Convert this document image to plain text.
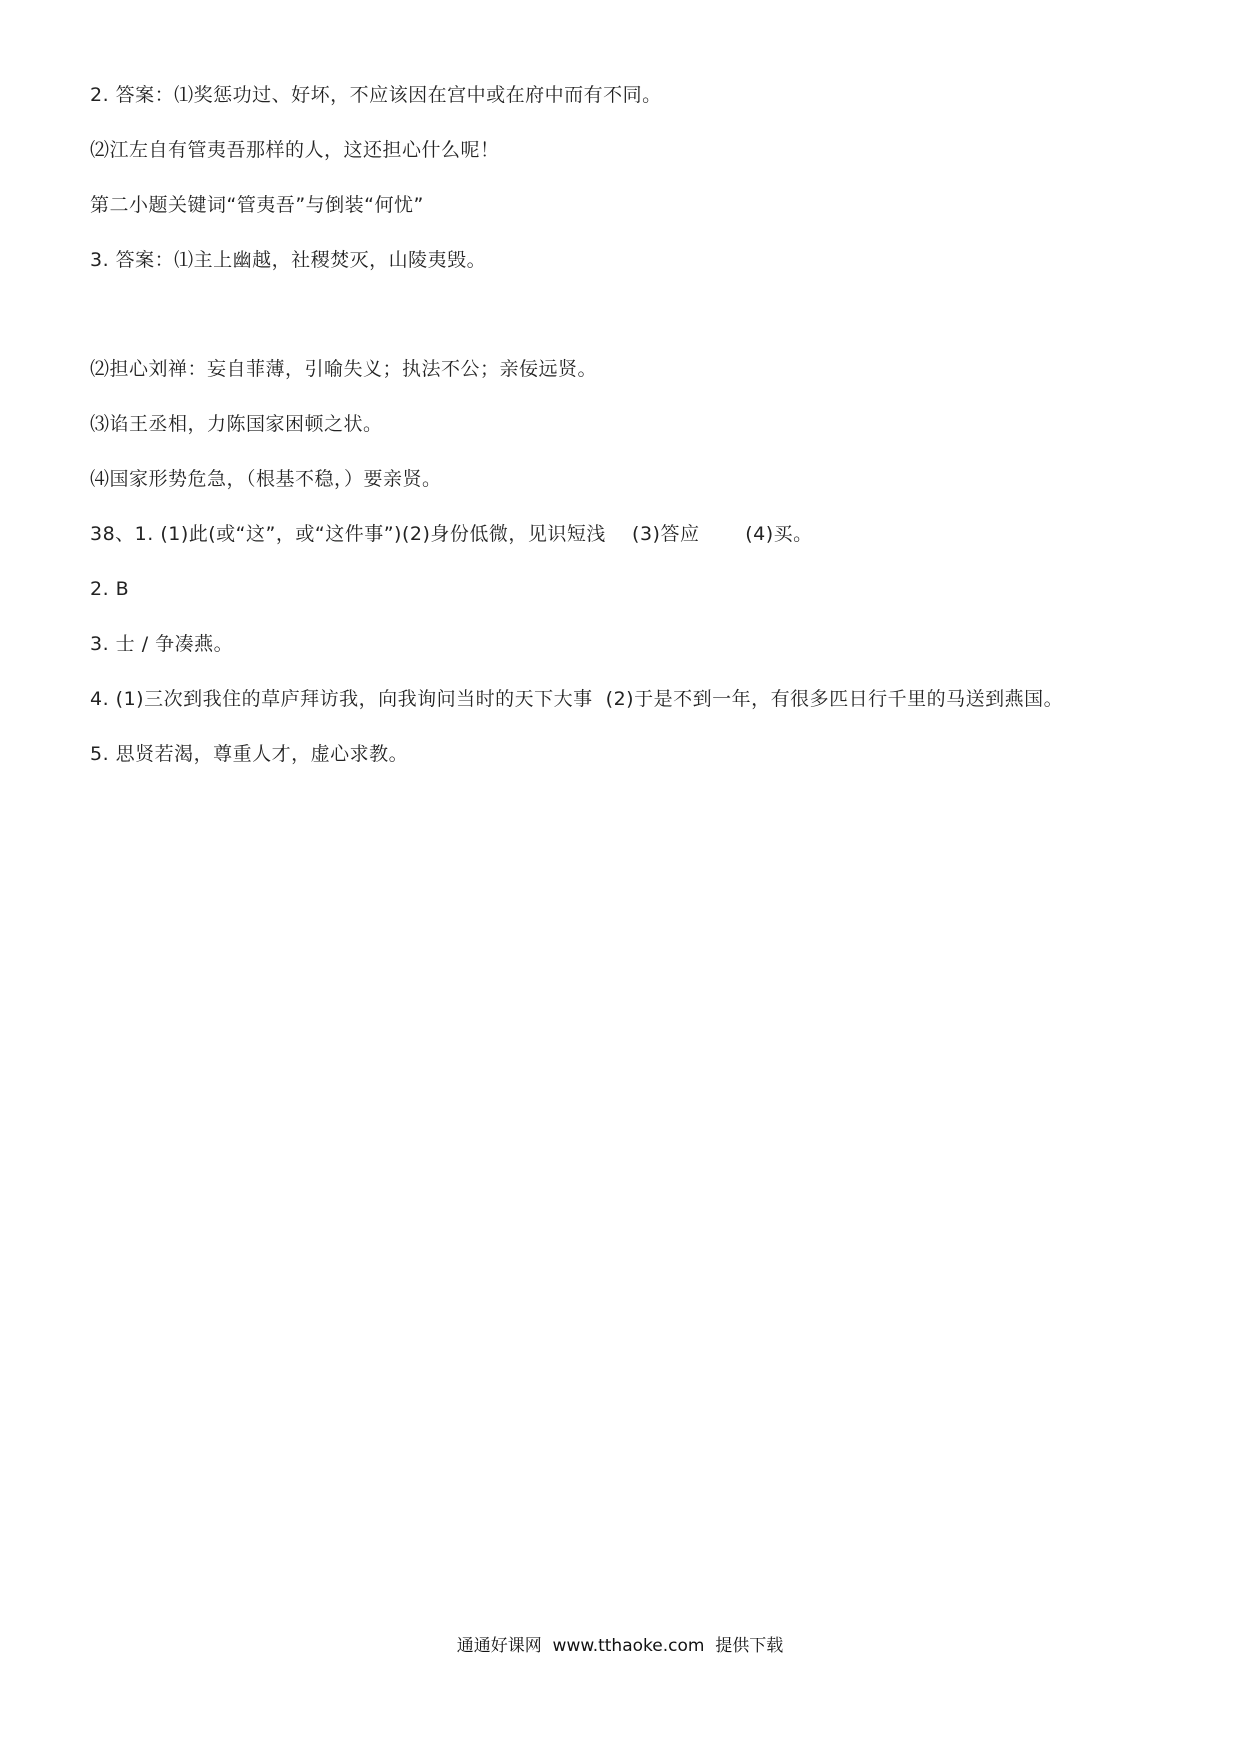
2. 答案：⑴奖惩功过、好坏，不应该因在宫中或在府中而有不同。
⑵江左自有管夷吾那样的人，这还担心什么呢！
第二小题关键词“管夷吾”与倒装“何忧”
3. 答案：⑴主上幽越，社稷焚灭，山陵夷毁。
⑵担心刘禅：妄自菲薄，引喻失义；执法不公；亲佞远贤。
⑶谄王丞相，力陈国家困顿之状。
⑷国家形势危急，（根基不稳，）要亲贤。
38、1. (1)此(或“这”，或“这件事”)(2)身份低微，见识短浅    (3)答应       (4)买。
2. B
3. 士 / 争凑燕。
4. (1)三次到我住的草庐拜访我，向我询问当时的天下大事  (2)于是不到一年，有很多匹日行千里的马送到燕国。
5. 思贤若渴，尊重人才，虚心求教。
通通好课网  www.tthaoke.com  提供下载
